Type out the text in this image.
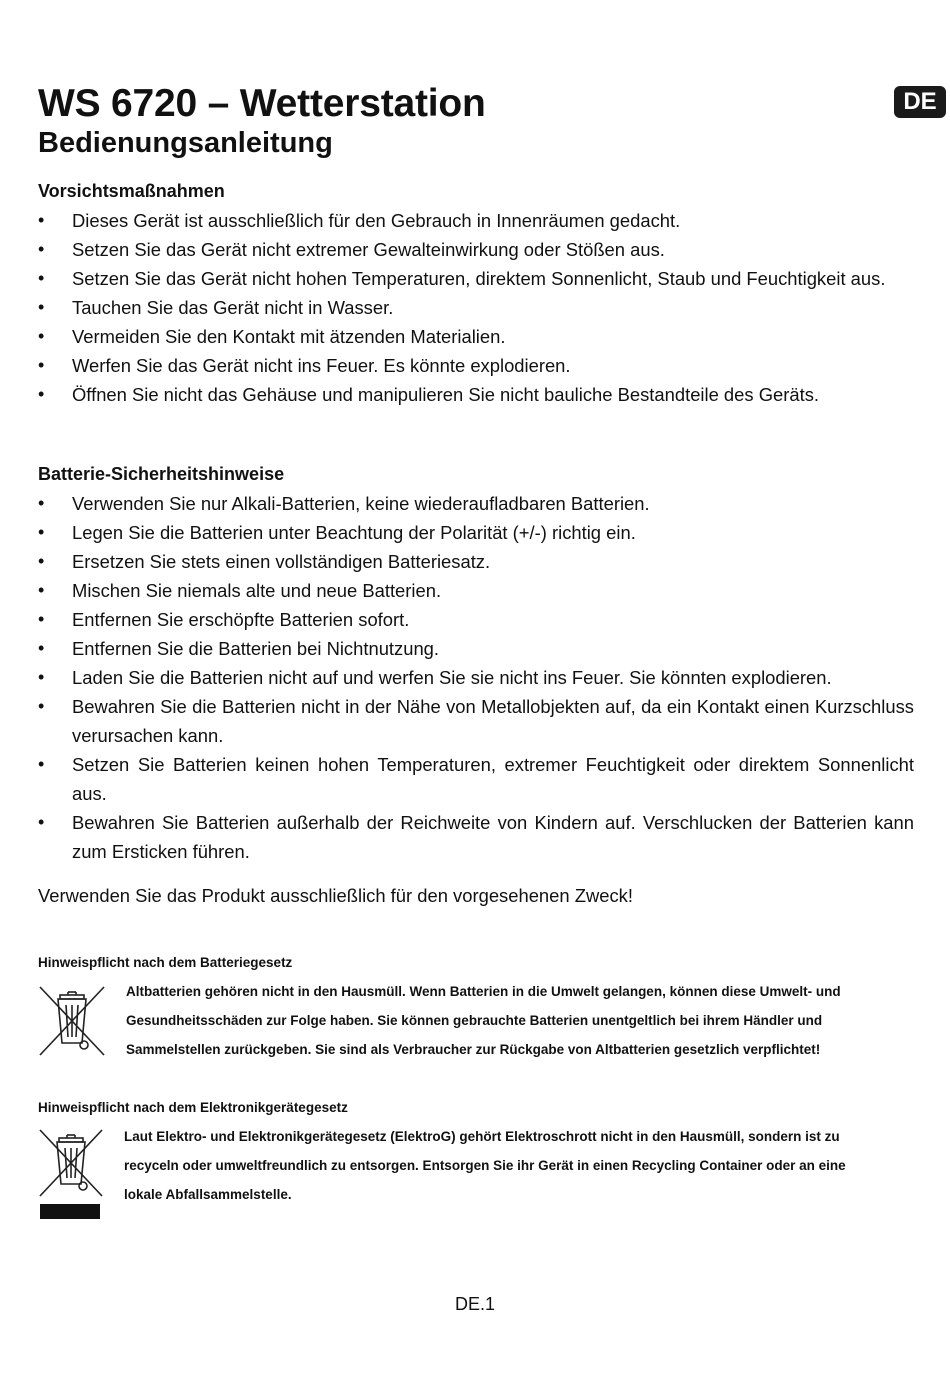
WS 6720 – Wetterstation
Bedienungsanleitung
DE
Vorsichtsmaßnahmen
• Dieses Gerät ist ausschließlich für den Gebrauch in Innenräumen gedacht.
• Setzen Sie das Gerät nicht extremer Gewalteinwirkung oder Stößen aus.
• Setzen Sie das Gerät nicht hohen Temperaturen, direktem Sonnenlicht, Staub und Feuchtigkeit aus.
• Tauchen Sie das Gerät nicht in Wasser.
• Vermeiden Sie den Kontakt mit ätzenden Materialien.
• Werfen Sie das Gerät nicht ins Feuer. Es könnte explodieren.
• Öffnen Sie nicht das Gehäuse und manipulieren Sie nicht bauliche Bestandteile des Geräts.
Batterie-Sicherheitshinweise
• Verwenden Sie nur Alkali-Batterien, keine wiederaufladbaren Batterien.
• Legen Sie die Batterien unter Beachtung der Polarität (+/-) richtig ein.
• Ersetzen Sie stets einen vollständigen Batteriesatz.
• Mischen Sie niemals alte und neue Batterien.
• Entfernen Sie erschöpfte Batterien sofort.
• Entfernen Sie die Batterien bei Nichtnutzung.
• Laden Sie die Batterien nicht auf und werfen Sie sie nicht ins Feuer. Sie könnten explodieren.
• Bewahren Sie die Batterien nicht in der Nähe von Metallobjekten auf, da ein Kontakt einen Kurzschluss verursachen kann.
• Setzen Sie Batterien keinen hohen Temperaturen, extremer Feuchtigkeit oder direktem Sonnenlicht aus.
• Bewahren Sie Batterien außerhalb der Reichweite von Kindern auf. Verschlucken der Batterien kann zum Ersticken führen.

Verwenden Sie das Produkt ausschließlich für den vorgesehenen Zweck!

Hinweispflicht nach dem Batteriegesetz
Altbatterien gehören nicht in den Hausmüll. Wenn Batterien in die Umwelt gelangen, können diese Umwelt- und
Gesundheitsschäden zur Folge haben. Sie können gebrauchte Batterien unentgeltlich bei ihrem Händler und
Sammelstellen zurückgeben. Sie sind als Verbraucher zur Rückgabe von Altbatterien gesetzlich verpflichtet!
Hinweispflicht nach dem Elektronikgerätegesetz
Laut Elektro- und Elektronikgerätegesetz (ElektroG) gehört Elektroschrott nicht in den Hausmüll, sondern ist zu
recyceln oder umweltfreundlich zu entsorgen. Entsorgen Sie ihr Gerät in einen Recycling Container oder an eine
lokale Abfallsammelstelle.
DE.1
